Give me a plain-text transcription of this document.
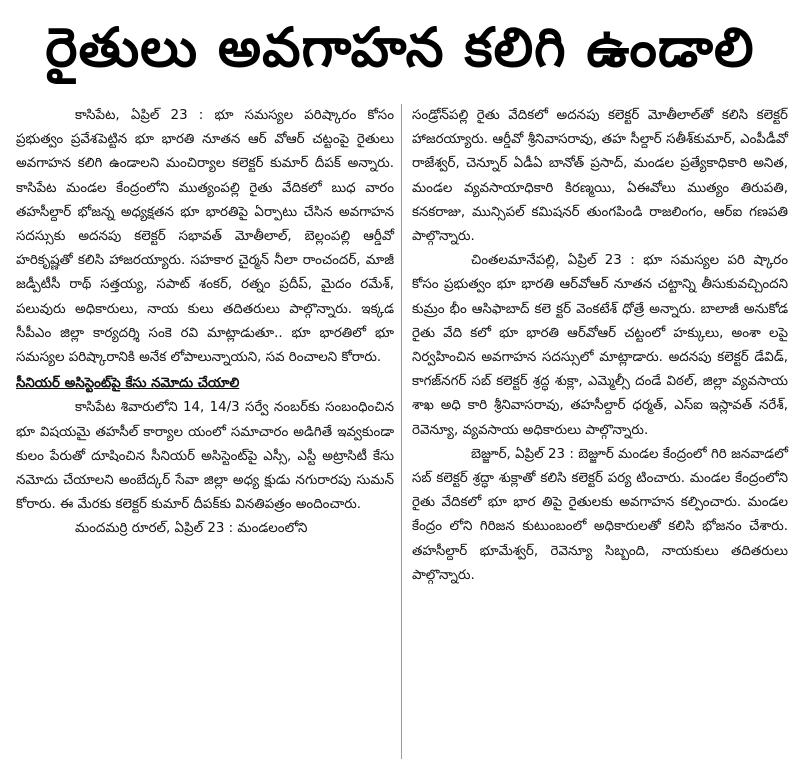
రైతులు అవగాహన కలిగి ఉండాలి

కాసిపేట, ఏప్రిల్ 23 : భూ సమస్యల పరిష్కారం కోసం ప్రభుత్వం ప్రవేశపెట్టిన భూ భారతి నూతన ఆర్ వోఆర్ చట్టంపై రైతులు అవగాహన కలిగి ఉండాలని మంచిర్యాల కలెక్టర్ కుమార్ దీపక్ అన్నారు. కాసిపేట మండల కేంద్రంలోని ముత్యంపల్లి రైతు వేదికలో బుధ వారం తహసీల్దార్ భోజన్న అధ్యక్షతన భూ భారతిపై ఏర్పాటు చేసిన అవగాహన సదస్సుకు అదనపు కలెక్టర్ సభావత్ మోతీలాల్, బెల్లంపల్లి ఆర్డీవో హరికృష్ణతో కలిసి హాజరయ్యారు. సహకార చైర్మన్ నీలా రాంచందర్, మాజీ జడ్పీటీసీ రాథ్ సత్తయ్య, సపాట్ శంకర్, రత్నం ప్రదీప్, మైదం రమేశ్, పలువురు అధికారులు, నాయ కులు తదితరులు పాల్గొన్నారు. ఇక్కడ సీపీఎం జిల్లా కార్యదర్శి సంకె రవి మాట్లాడుతూ.. భూ భారతిలో భూ సమస్యల పరిష్కారానికి అనేక లోపాలున్నాయని, సవ రించాలని కోరారు.

సీనియర్ అసిస్టెంట్‌పై కేసు నమోదు చేయాలి

కాసిపేట శివారులోని 14, 14/3 సర్వే నంబర్‌కు సంబంధించిన భూ విషయమై తహసీల్ కార్యాల యంలో సమాచారం అడిగితే ఇవ్వకుండా కులం పేరుతో దూషించిన సీనియర్ అసిస్టెంట్‌పై ఎస్సీ, ఎస్టీ అట్రాసిటీ కేసు నమోదు చేయాలని అంబేద్కర్ సేవా జిల్లా అధ్య క్షుడు నగురారపు సుమన్ కోరారు. ఈ మేరకు కలెక్టర్ కుమార్ దీపక్‌కు వినతిపత్రం అందించారు.

మందమర్రి రూరల్, ఏప్రిల్ 23 : మండలంలోని

సండ్రోన్‌పల్లి రైతు వేదికలో అదనపు కలెక్టర్ మోతీలాల్‌తో కలిసి కలెక్టర్ హాజరయ్యారు. ఆర్డీవో శ్రీనివాసరావు, తహ సీల్దార్ సతీశ్‌కుమార్, ఎంపీడీవో రాజేశ్వర్, చెన్నూర్ ఏడీఏ బానోత్ ప్రసాద్, మండల ప్రత్యేకాధికారి అనిత, మండల వ్యవసాయాధికారి కిరణ్మయి, ఏఈవోలు ముత్యం తిరుపతి, కనకరాజు, మున్సిపల్ కమిషనర్ తుంగపిండి రాజలింగం, ఆర్ఐ గణపతి పాల్గొన్నారు.

చింతలమానేపల్లి, ఏప్రిల్ 23 : భూ సమస్యల పరి ష్కారం కోసం ప్రభుత్వం భూ భారతి ఆర్‌వోఆర్ నూతన చట్టాన్ని తీసుకువచ్చిందని కుమ్రం భీం ఆసిఫాబాద్ కలె క్టర్ వెంకటేశ్ ధోత్రే అన్నారు. బాలాజీ అనుకోడ రైతు వేది కలో భూ భారతి ఆర్‌వోఆర్ చట్టంలో హక్కులు, అంశా లపై నిర్వహించిన అవగాహన సదస్సులో మాట్లాడారు. అదనపు కలెక్టర్ డేవిడ్, కాగజ్‌నగర్ సబ్ కలెక్టర్ శ్రద్ధ శుక్లా, ఎమ్మెల్సీ దండే విఠల్, జిల్లా వ్యవసాయ శాఖ అధి కారి శ్రీనివాసరావు, తహసీల్దార్ ధర్మత్, ఎస్ఐ ఇస్లావత్ నరేశ్, రెవెన్యూ, వ్యవసాయ అధికారులు పాల్గొన్నారు.

బెజ్జూర్, ఏప్రిల్ 23 : బెజ్జూర్ మండల కేంద్రంలో గిరి జనవాడలో సబ్ కలెక్టర్ శ్రద్ధా శుక్లాతో కలిసి కలెక్టర్ పర్య టించారు. మండల కేంద్రంలోని రైతు వేదికలో భూ భార తిపై రైతులకు అవగాహన కల్పించారు. మండల కేంద్రం లోని గిరిజన కుటుంబంలో అధికారులతో కలిసి భోజనం చేశారు. తహసీల్దార్ భూమేశ్వర్, రెవెన్యూ సిబ్బంది, నాయకులు తదితరులు పాల్గొన్నారు.
